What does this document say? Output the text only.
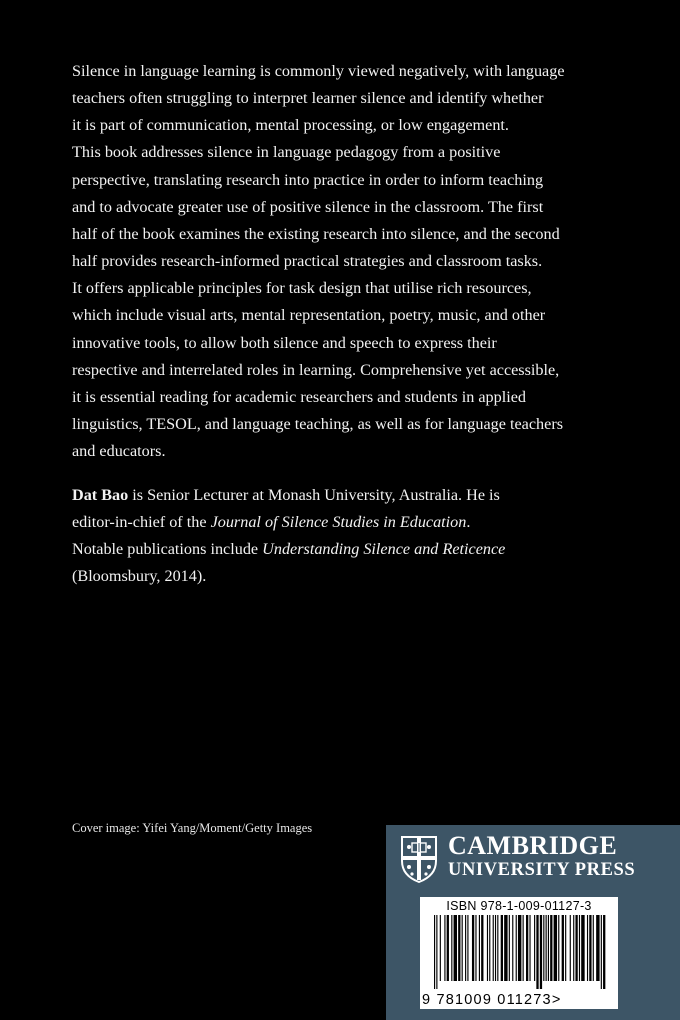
Silence in language learning is commonly viewed negatively, with language
teachers often struggling to interpret learner silence and identify whether
it is part of communication, mental processing, or low engagement.
This book addresses silence in language pedagogy from a positive
perspective, translating research into practice in order to inform teaching
and to advocate greater use of positive silence in the classroom. The first
half of the book examines the existing research into silence, and the second
half provides research-informed practical strategies and classroom tasks.
It offers applicable principles for task design that utilise rich resources,
which include visual arts, mental representation, poetry, music, and other
innovative tools, to allow both silence and speech to express their
respective and interrelated roles in learning. Comprehensive yet accessible,
it is essential reading for academic researchers and students in applied
linguistics, TESOL, and language teaching, as well as for language teachers
and educators.
Dat Bao is Senior Lecturer at Monash University, Australia. He is
editor-in-chief of the Journal of Silence Studies in Education.
Notable publications include Understanding Silence and Reticence
(Bloomsbury, 2014).
Cover image: Yifei Yang/Moment/Getty Images
CAMBRIDGE
UNIVERSITY PRESS
ISBN 978-1-009-01127-3
9 781009 011273>
